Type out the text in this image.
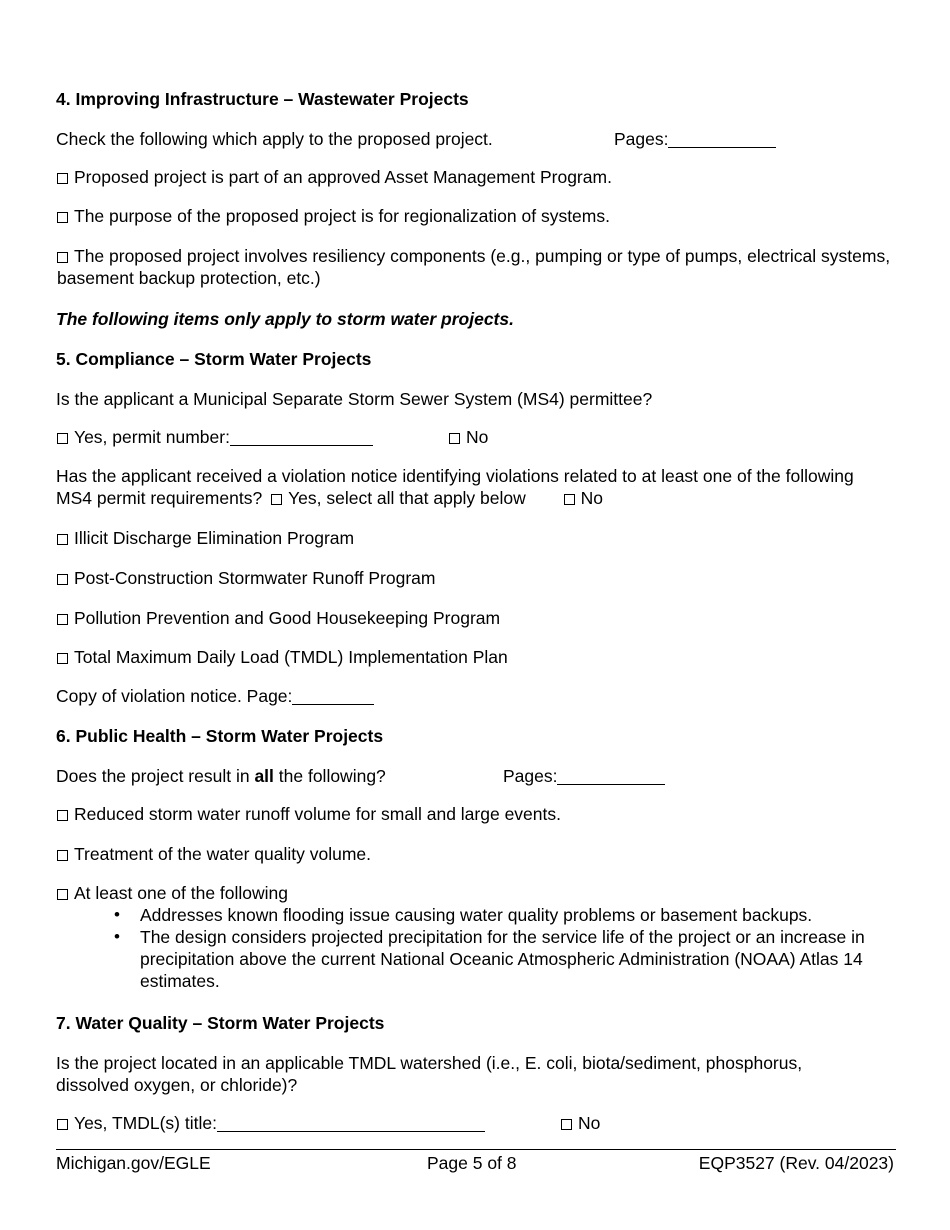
4. Improving Infrastructure – Wastewater Projects
Check the following which apply to the proposed project.	Pages:
Proposed project is part of an approved Asset Management Program.
The purpose of the proposed project is for regionalization of systems.
The proposed project involves resiliency components (e.g., pumping or type of pumps, electrical systems, basement backup protection, etc.)
The following items only apply to storm water projects.
5. Compliance – Storm Water Projects
Is the applicant a Municipal Separate Storm Sewer System (MS4) permittee?
Yes, permit number:	No
Has the applicant received a violation notice identifying violations related to at least one of the following MS4 permit requirements? Yes, select all that apply below	No
Illicit Discharge Elimination Program
Post-Construction Stormwater Runoff Program
Pollution Prevention and Good Housekeeping Program
Total Maximum Daily Load (TMDL) Implementation Plan
Copy of violation notice. Page:
6. Public Health – Storm Water Projects
Does the project result in all the following?	Pages:
Reduced storm water runoff volume for small and large events.
Treatment of the water quality volume.
At least one of the following
• Addresses known flooding issue causing water quality problems or basement backups.
• The design considers projected precipitation for the service life of the project or an increase in precipitation above the current National Oceanic Atmospheric Administration (NOAA) Atlas 14 estimates.
7. Water Quality – Storm Water Projects
Is the project located in an applicable TMDL watershed (i.e., E. coli, biota/sediment, phosphorus, dissolved oxygen, or chloride)?
Yes, TMDL(s) title:	No
Michigan.gov/EGLE	Page 5 of 8	EQP3527 (Rev. 04/2023)
